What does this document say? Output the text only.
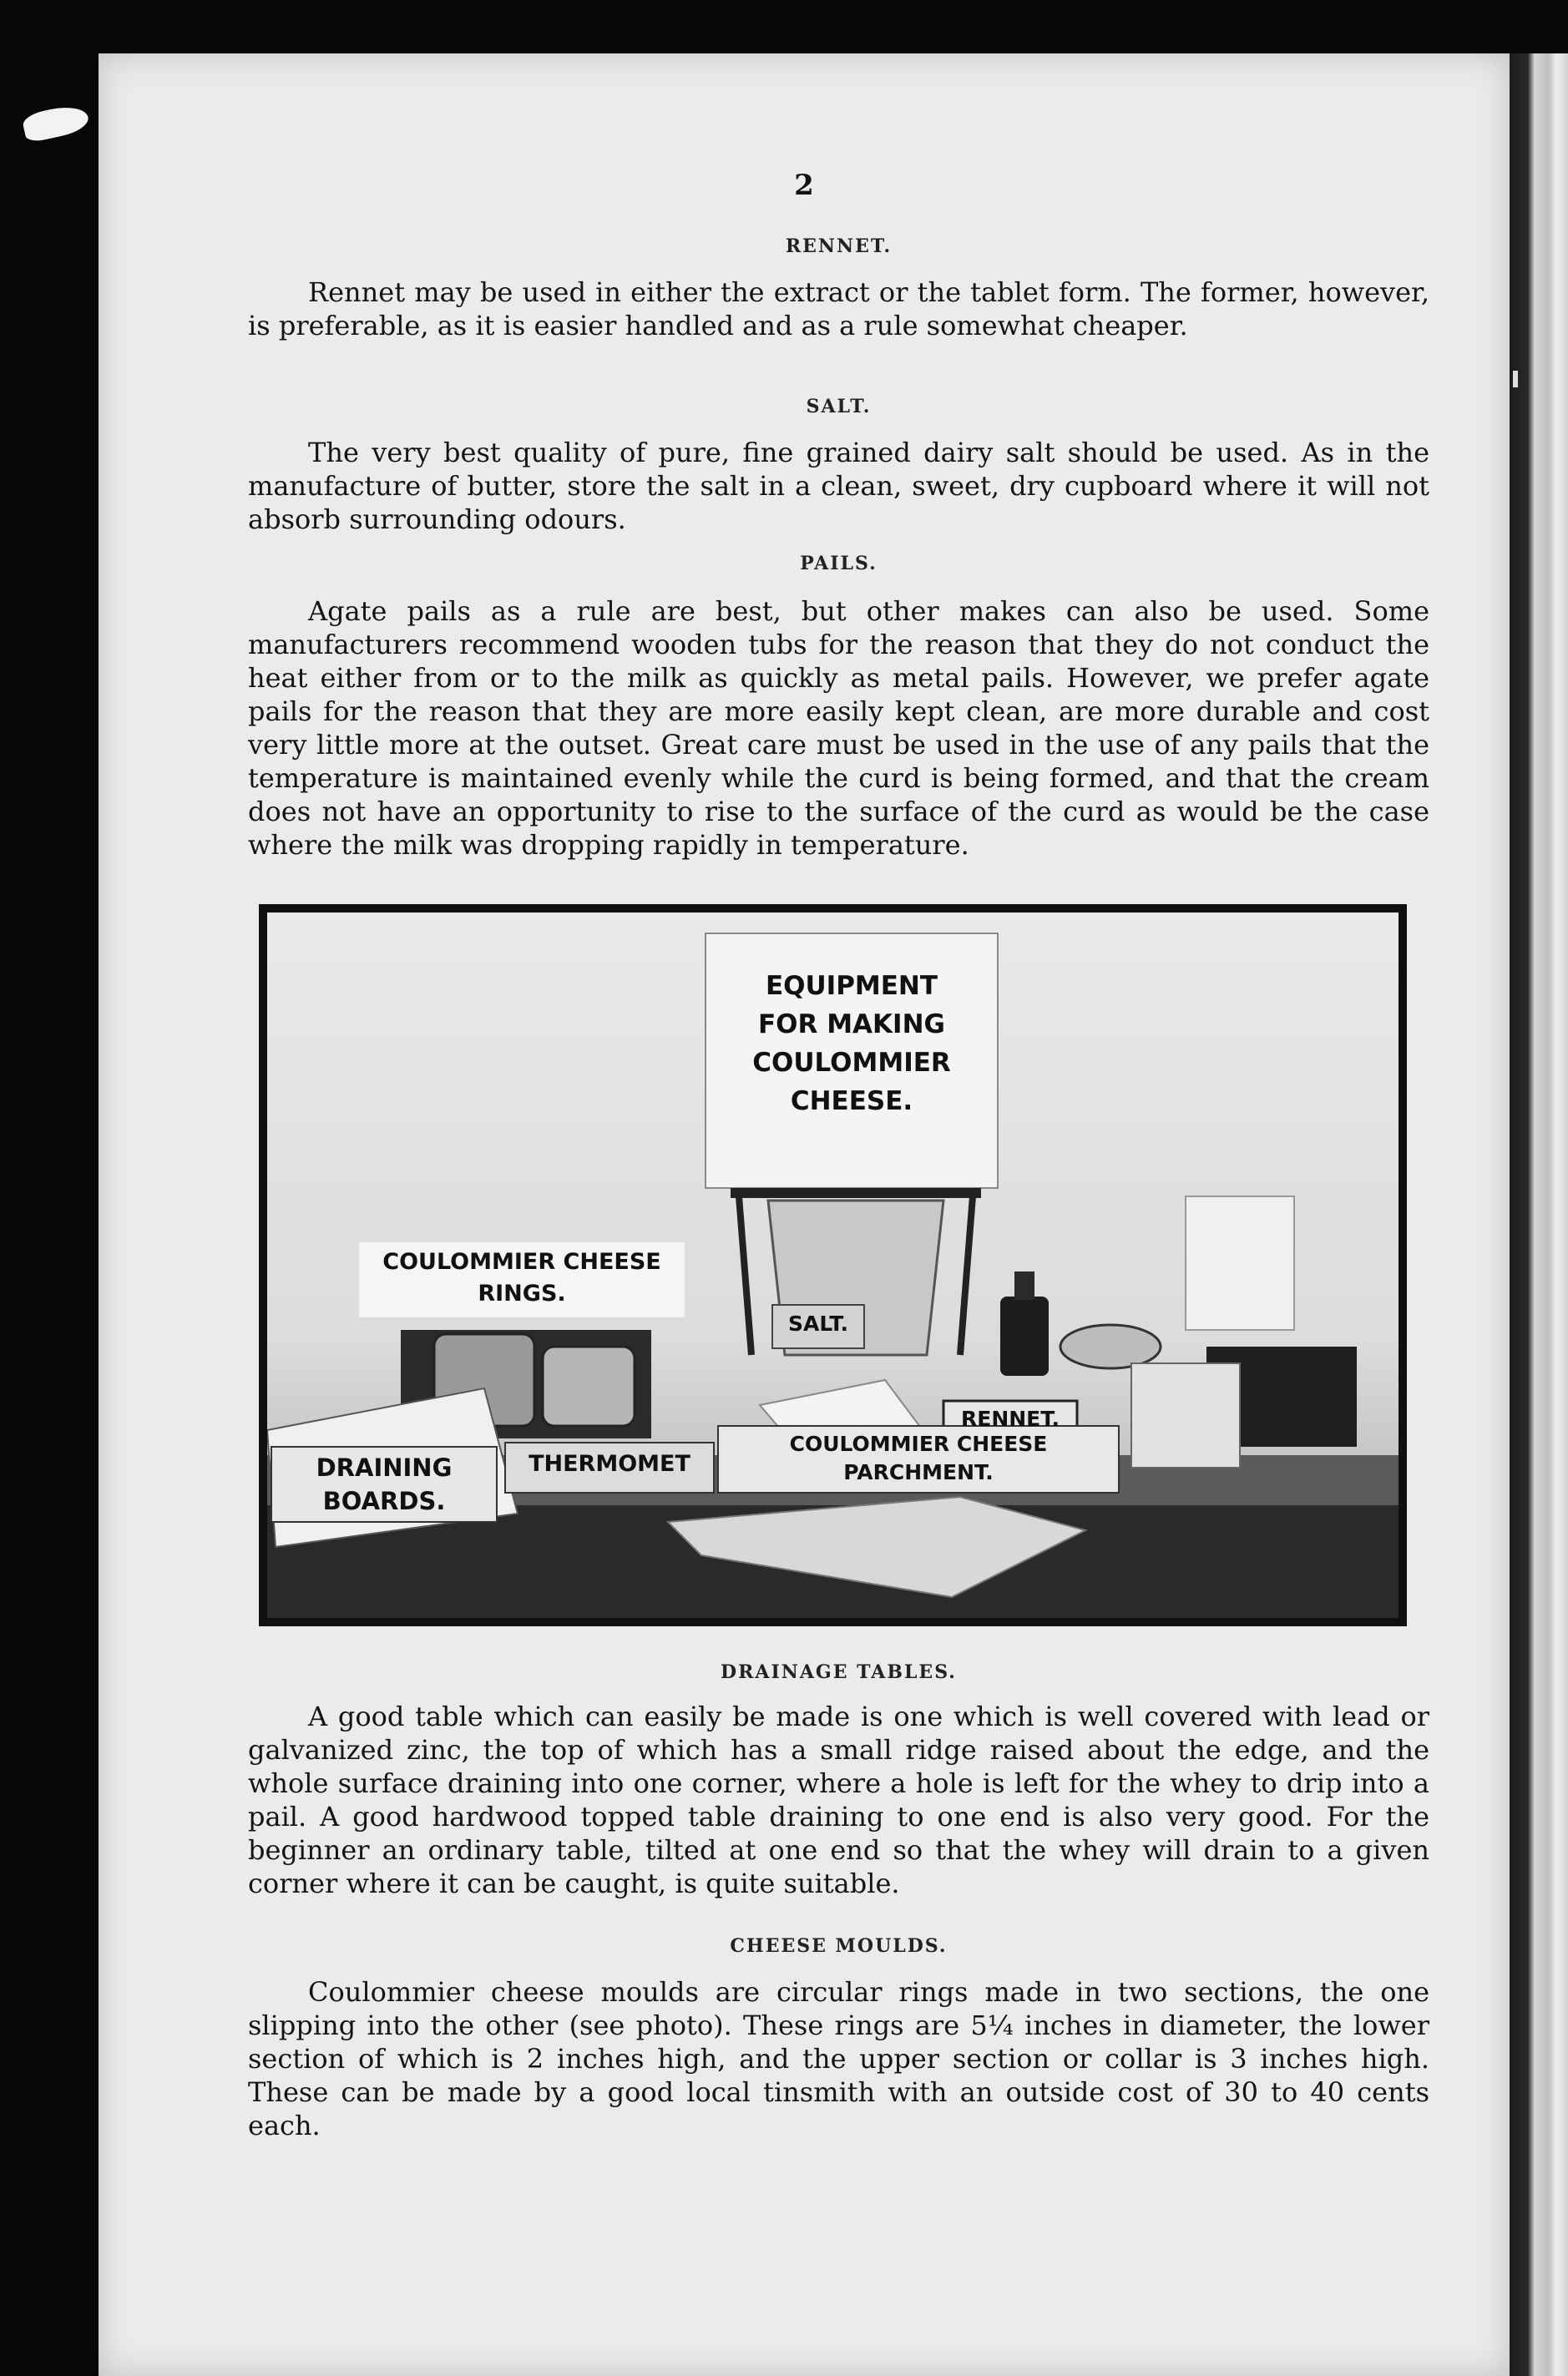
2
RENNET.

Rennet may be used in either the extract or the tablet form. The former, however, is preferable, as it is easier handled and as a rule somewhat cheaper.

SALT.

The very best quality of pure, fine grained dairy salt should be used. As in the manufacture of butter, store the salt in a clean, sweet, dry cupboard where it will not absorb surrounding odours.

PAILS.

Agate pails as a rule are best, but other makes can also be used. Some manufacturers recommend wooden tubs for the reason that they do not conduct the heat either from or to the milk as quickly as metal pails. However, we prefer agate pails for the reason that they are more easily kept clean, are more durable and cost very little more at the outset. Great care must be used in the use of any pails that the temperature is maintained evenly while the curd is being formed, and that the cream does not have an opportunity to rise to the surface of the curd as would be the case where the milk was dropping rapidly in temperature.

EQUIPMENT
FOR MAKING
COULOMMIER
CHEESE.
COULOMMIER CHEESE
RINGS.
SALT.
RENNET.
DRAINING
BOARDS.
THERMOMET
COULOMMIER CHEESE
PARCHMENT.
DRAINAGE TABLES.

A good table which can easily be made is one which is well covered with lead or galvanized zinc, the top of which has a small ridge raised about the edge, and the whole surface draining into one corner, where a hole is left for the whey to drip into a pail. A good hardwood topped table draining to one end is also very good. For the beginner an ordinary table, tilted at one end so that the whey will drain to a given corner where it can be caught, is quite suitable.

CHEESE MOULDS.

Coulommier cheese moulds are circular rings made in two sections, the one slipping into the other (see photo). These rings are 5¼ inches in diameter, the lower section of which is 2 inches high, and the upper section or collar is 3 inches high. These can be made by a good local tinsmith with an outside cost of 30 to 40 cents each.
